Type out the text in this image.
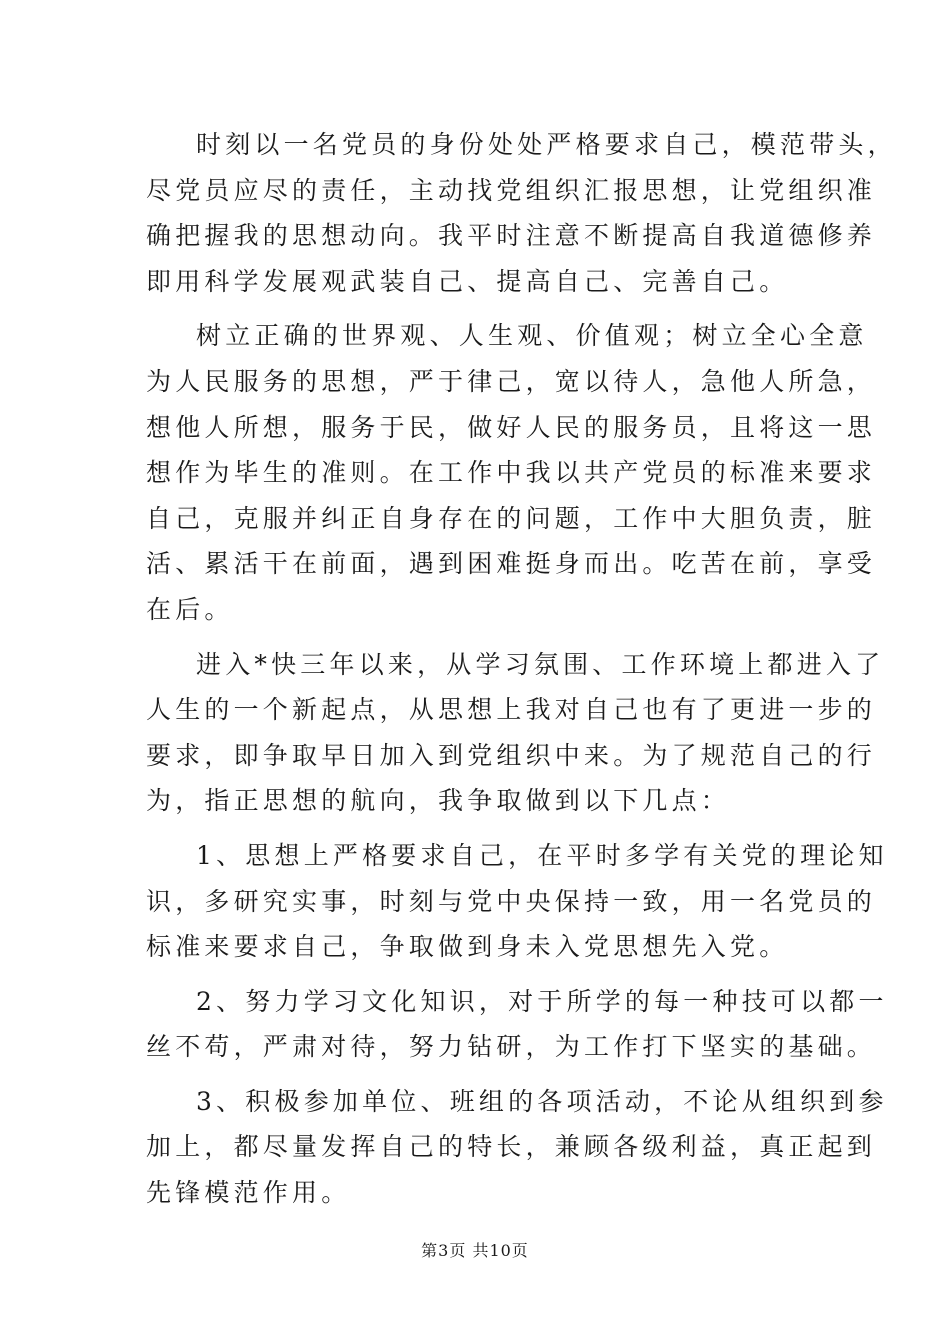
时刻以一名党员的身份处处严格要求自己，模范带头，
尽党员应尽的责任，主动找党组织汇报思想，让党组织准
确把握我的思想动向。我平时注意不断提高自我道德修养
即用科学发展观武装自己、提高自己、完善自己。
树立正确的世界观、人生观、价值观；树立全心全意
为人民服务的思想，严于律己，宽以待人，急他人所急，
想他人所想，服务于民，做好人民的服务员，且将这一思
想作为毕生的准则。在工作中我以共产党员的标准来要求
自己，克服并纠正自身存在的问题，工作中大胆负责，脏
活、累活干在前面，遇到困难挺身而出。吃苦在前，享受
在后。
进入*快三年以来，从学习氛围、工作环境上都进入了
人生的一个新起点，从思想上我对自己也有了更进一步的
要求，即争取早日加入到党组织中来。为了规范自己的行
为，指正思想的航向，我争取做到以下几点：
1、思想上严格要求自己，在平时多学有关党的理论知
识，多研究实事，时刻与党中央保持一致，用一名党员的
标准来要求自己，争取做到身未入党思想先入党。
2、努力学习文化知识，对于所学的每一种技可以都一
丝不苟，严肃对待，努力钻研，为工作打下坚实的基础。
3、积极参加单位、班组的各项活动，不论从组织到参
加上，都尽量发挥自己的特长，兼顾各级利益，真正起到
先锋模范作用。
第3页 共10页
